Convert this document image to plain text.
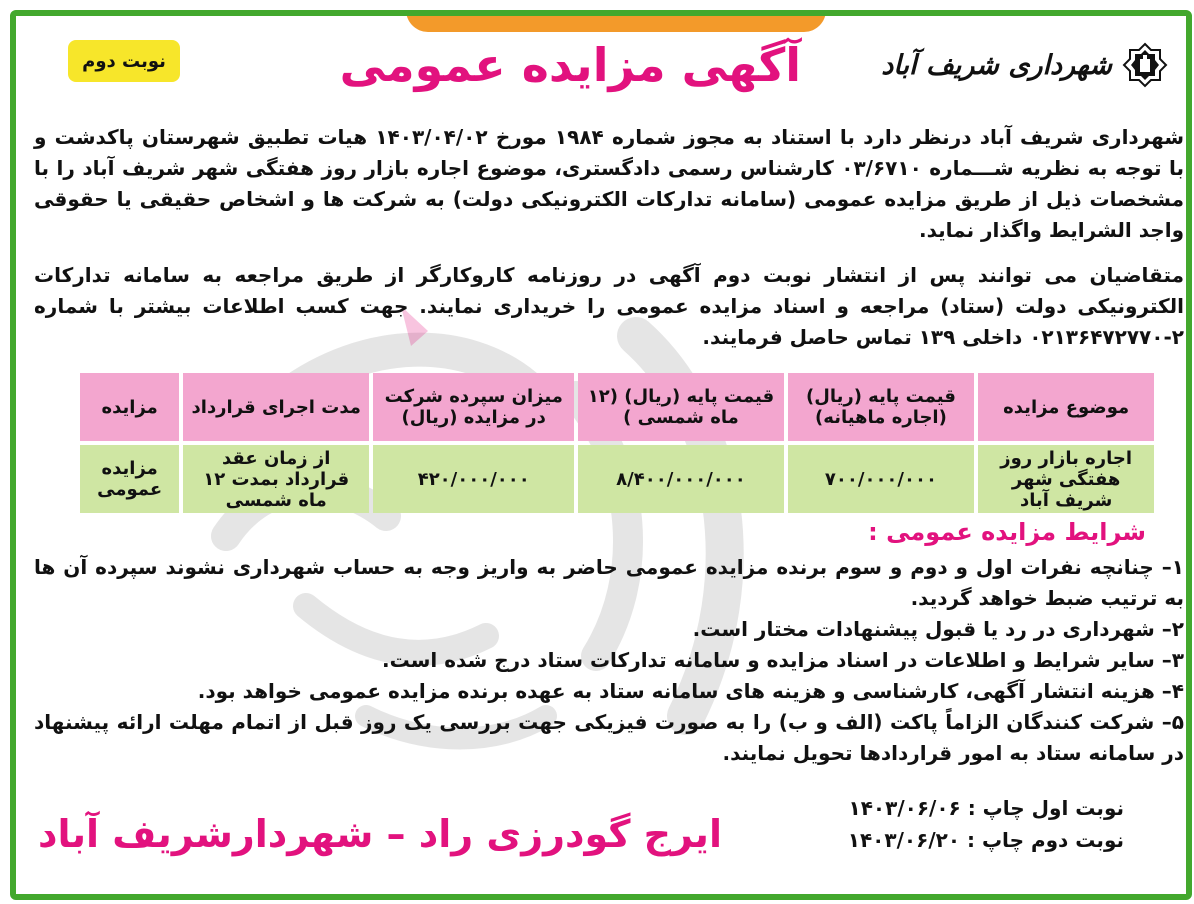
نوبت دوم	آگهی مزایده عمومی	شهرداری شریف آباد
شهرداری شریف آباد درنظر دارد با استناد به مجوز شماره ۱۹۸۴ مورخ ۱۴۰۳/۰۴/۰۲ هیات تطبیق شهرستان پاکدشت و با توجه به نظریه شـــماره ۰۳/۶۷۱۰ کارشناس رسمی دادگستری، موضوع اجاره بازار روز هفتگی شهر شریف آباد را با مشخصات ذیل از طریق مزایده عمومی (سامانه تدارکات الکترونیکی دولت) به شرکت ها و اشخاص حقیقی یا حقوقی واجد الشرایط واگذار نماید.
متقاضیان می توانند پس از انتشار نوبت دوم آگهی در روزنامه کاروکارگر از طریق مراجعه به سامانه تدارکات الکترونیکی دولت (ستاد) مراجعه و اسناد مزایده عمومی را خریداری نمایند. جهت کسب اطلاعات بیشتر با شماره ۲-۰۲۱۳۶۴۷۲۷۷۰ داخلی ۱۳۹ تماس حاصل فرمایند.
موضوع مزایده	قیمت پایه (ریال) (اجاره ماهیانه)	قیمت پایه (ریال) (۱۲ ماه شمسی )	میزان سپرده شرکت در مزایده (ریال)	مدت اجرای قرارداد	مزایده
اجاره بازار روز هفتگی شهر شریف آباد	۷۰۰/۰۰۰/۰۰۰	۸/۴۰۰/۰۰۰/۰۰۰	۴۲۰/۰۰۰/۰۰۰	از زمان عقد قرارداد بمدت ۱۲ ماه شمسی	مزایده عمومی
شرایط مزایده عمومی :
۱– چنانچه نفرات اول و دوم و سوم برنده مزایده عمومی حاضر به واریز وجه به حساب شهرداری نشوند سپرده آن ها به ترتیب ضبط خواهد گردید.
۲– شهرداری در رد یا قبول پیشنهادات مختار است.
۳– سایر شرایط و اطلاعات در اسناد مزایده و سامانه تدارکات ستاد درج شده است.
۴– هزینه انتشار آگهی، کارشناسی و هزینه های سامانه ستاد به عهده برنده مزایده عمومی خواهد بود.
۵– شرکت کنندگان الزاماً پاکت (الف و ب) را به صورت فیزیکی جهت بررسی یک روز قبل از اتمام مهلت ارائه پیشنهاد در سامانه ستاد به امور قراردادها تحویل نمایند.
نوبت اول چاپ : ۱۴۰۳/۰۶/۰۶
نوبت دوم چاپ : ۱۴۰۳/۰۶/۲۰
ایرج گودرزی راد – شهردارشریف آباد
